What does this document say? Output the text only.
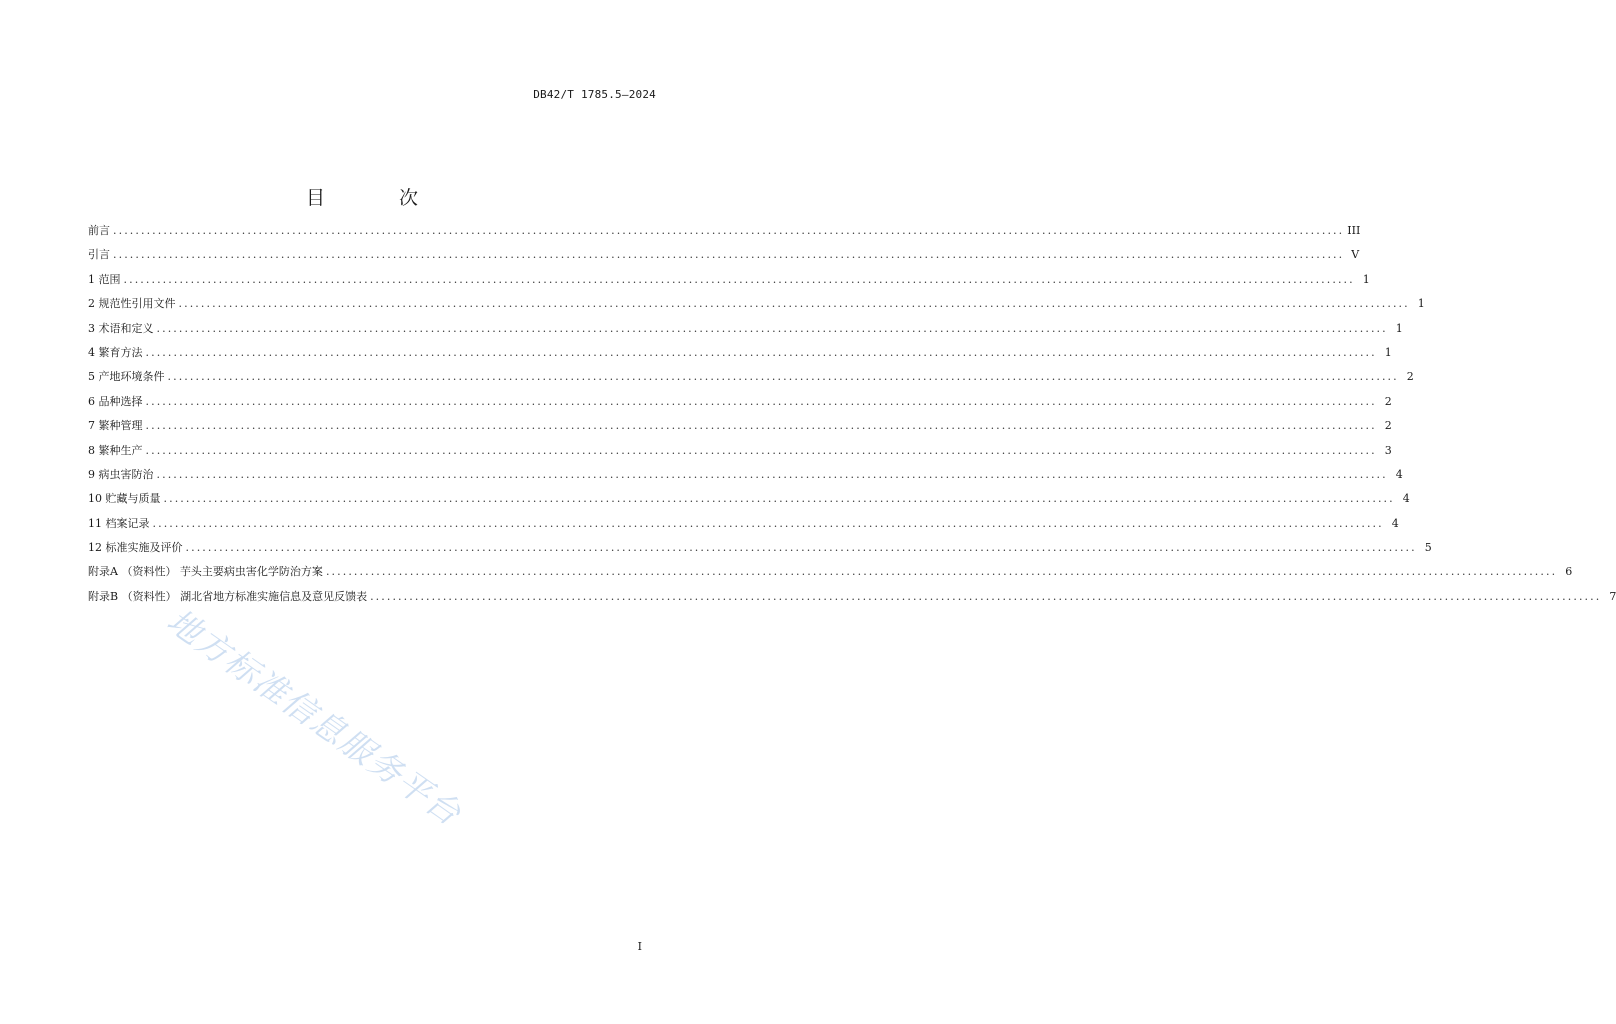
DB42/T 1785.5—2024
目 次
前言 ............................................................................................................................................................................................................................ III
引言 ............................................................................................................................................................................................................................ V
1 范围 ............................................................................................................................................................................................................................ 1
2 规范性引用文件 ............................................................................................................................................................................................................................ 1
3 术语和定义 ............................................................................................................................................................................................................................ 1
4 繁育方法 ............................................................................................................................................................................................................................ 1
5 产地环境条件 ............................................................................................................................................................................................................................ 2
6 品种选择 ............................................................................................................................................................................................................................ 2
7 繁种管理 ............................................................................................................................................................................................................................ 2
8 繁种生产 ............................................................................................................................................................................................................................ 3
9 病虫害防治 ............................................................................................................................................................................................................................ 4
10 贮藏与质量 ............................................................................................................................................................................................................................ 4
11 档案记录 ............................................................................................................................................................................................................................ 4
12 标准实施及评价 ............................................................................................................................................................................................................................ 5
附录A （资料性） 芋头主要病虫害化学防治方案 ............................................................................................................................................................................................................................ 6
附录B （资料性） 湖北省地方标准实施信息及意见反馈表 ............................................................................................................................................................................................................................ 7
地方标准信息服务平台
I
